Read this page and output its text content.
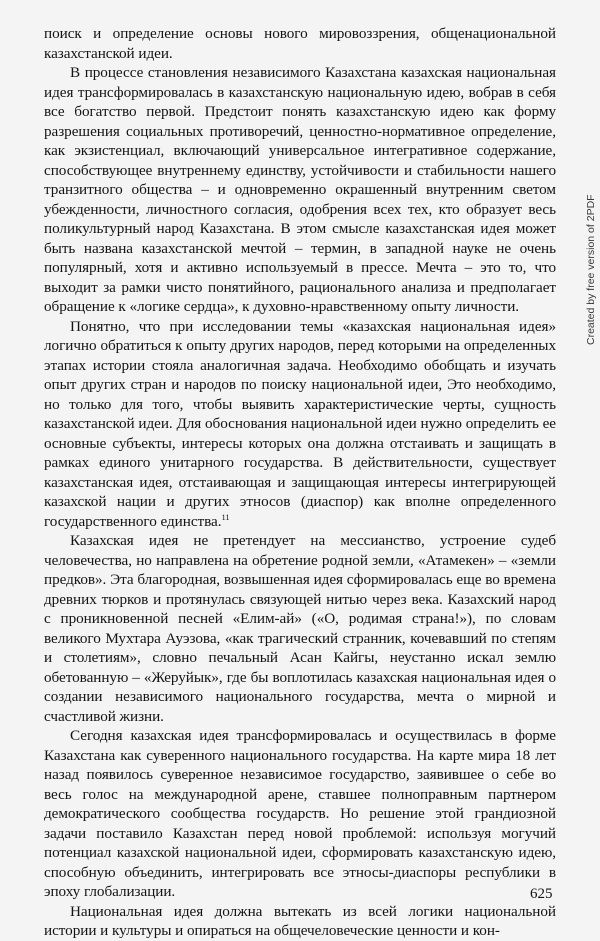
поиск и определение основы нового мировоззрения, общенациональной казахстанской идеи.

В процессе становления независимого Казахстана казахская национальная идея трансформировалась в казахстанскую национальную идею, вобрав в себя все богатство первой. Предстоит понять казахстанскую идею как форму разрешения социальных противоречий, ценностно-нормативное определение, как экзистенциал, включающий универсальное интегративное содержание, способствующее внутреннему единству, устойчивости и стабильности нашего транзитного общества – и одновременно окрашенный внутренним светом убежденности, личностного согласия, одобрения всех тех, кто образует весь поликультурный народ Казахстана. В этом смысле казахстанская идея может быть названа казахстанской мечтой – термин, в западной науке не очень популярный, хотя и активно используемый в прессе. Мечта – это то, что выходит за рамки чисто понятийного, рационального анализа и предполагает обращение к «логике сердца», к духовно-нравственному опыту личности.

Понятно, что при исследовании темы «казахская национальная идея» логично обратиться к опыту других народов, перед которыми на определенных этапах истории стояла аналогичная задача. Необходимо обобщать и изучать опыт других стран и народов по поиску национальной идеи, Это необходимо, но только для того, чтобы выявить характеристические черты, сущность казахстанской идеи. Для обоснования национальной идеи нужно определить ее основные субъекты, интересы которых она должна отстаивать и защищать в рамках единого унитарного государства. В действительности, существует казахстанская идея, отстаивающая и защищающая интересы интегрирующей казахской нации и других этносов (диаспор) как вполне определенного государственного единства.$^{11}$

Казахская идея не претендует на мессианство, устроение судеб человечества, но направлена на обретение родной земли, «Атамекен» – «земли предков». Эта благородная, возвышенная идея сформировалась еще во времена древних тюрков и протянулась связующей нитью через века. Казахский народ с проникновенной песней «Елим-ай» («О, родимая страна!»), по словам великого Мухтара Ауэзова, «как трагический странник, кочевавший по степям и столетиям», словно печальный Асан Кайгы, неустанно искал землю обетованную – «Жеруйык», где бы воплотилась казахская национальная идея о создании независимого национального государства, мечта о мирной и счастливой жизни.

Сегодня казахская идея трансформировалась и осуществилась в форме Казахстана как суверенного национального государства. На карте мира 18 лет назад появилось суверенное независимое государство, заявившее о себе во весь голос на международной арене, ставшее полноправным партнером демократического сообщества государств. Но решение этой грандиозной задачи поставило Казахстан перед новой проблемой: используя могучий потенциал казахской национальной идеи, сформировать казахстанскую идею, способную объединить, интегрировать все этносы-диаспоры республики в эпоху глобализации.

Национальная идея должна вытекать из всей логики национальной истории и культуры и опираться на общечеловеческие ценности и кон-

625
Created by free version of 2PDF
